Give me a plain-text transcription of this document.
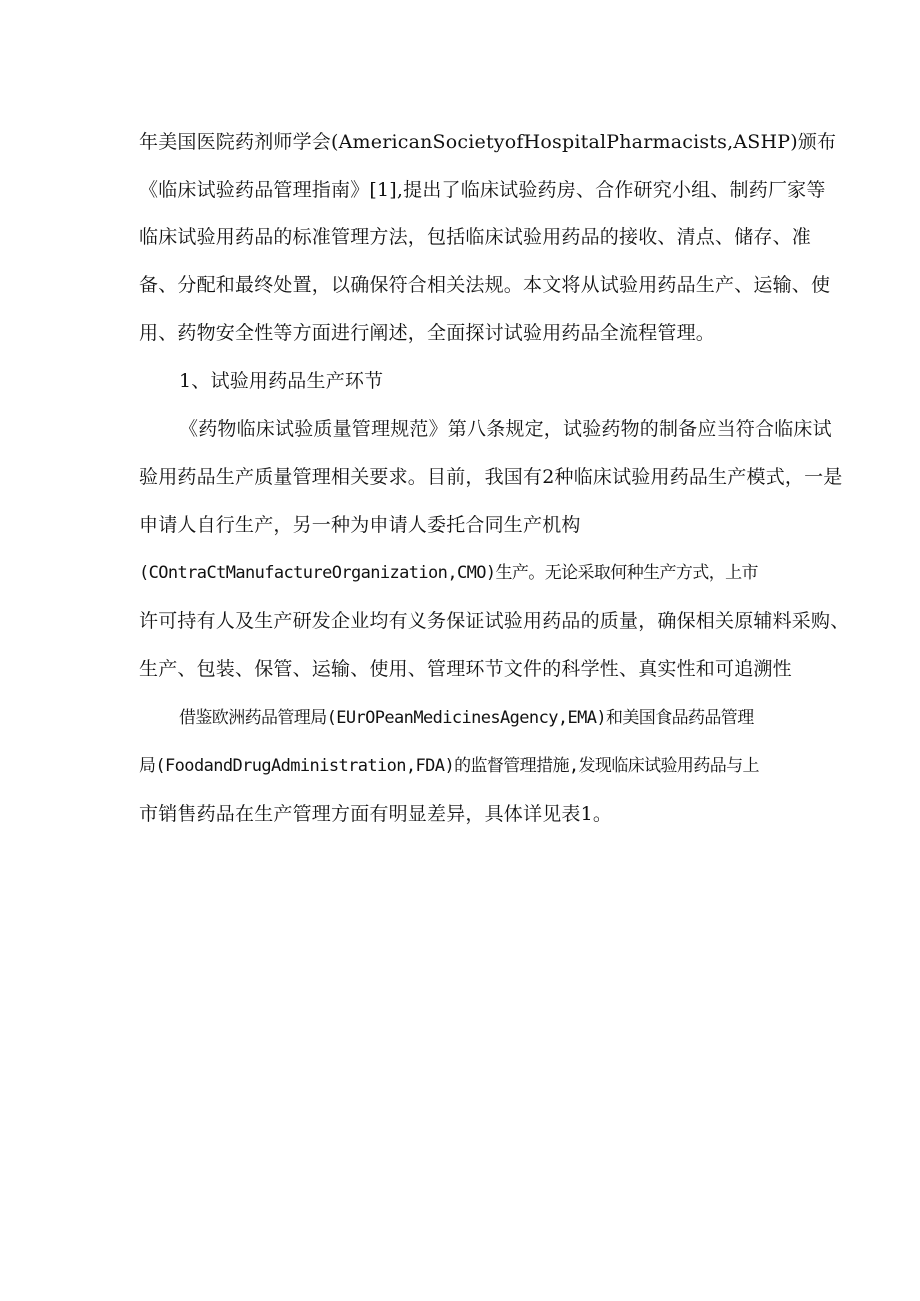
年美国医院药剂师学会(AmericanSocietyofHospitalPharmacists,ASHP)颁布

《临床试验药品管理指南》[1],提出了临床试验药房、合作研究小组、制药厂家等

临床试验用药品的标准管理方法，包括临床试验用药品的接收、清点、储存、准

备、分配和最终处置，以确保符合相关法规。本文将从试验用药品生产、运输、使

用、药物安全性等方面进行阐述，全面探讨试验用药品全流程管理。

1、试验用药品生产环节

《药物临床试验质量管理规范》第八条规定，试验药物的制备应当符合临床试

验用药品生产质量管理相关要求。目前，我国有2种临床试验用药品生产模式，一是

申请人自行生产，另一种为申请人委托合同生产机构

(COntraCtManufactureOrganization,CMO)生产。无论采取何种生产方式，上市

许可持有人及生产研发企业均有义务保证试验用药品的质量，确保相关原辅料采购、

生产、包装、保管、运输、使用、管理环节文件的科学性、真实性和可追溯性

借鉴欧洲药品管理局(EUrOPeanMedicinesAgency,EMA)和美国食品药品管理

局(FoodandDrugAdministration,FDA)的监督管理措施,发现临床试验用药品与上

市销售药品在生产管理方面有明显差异，具体详见表1。
